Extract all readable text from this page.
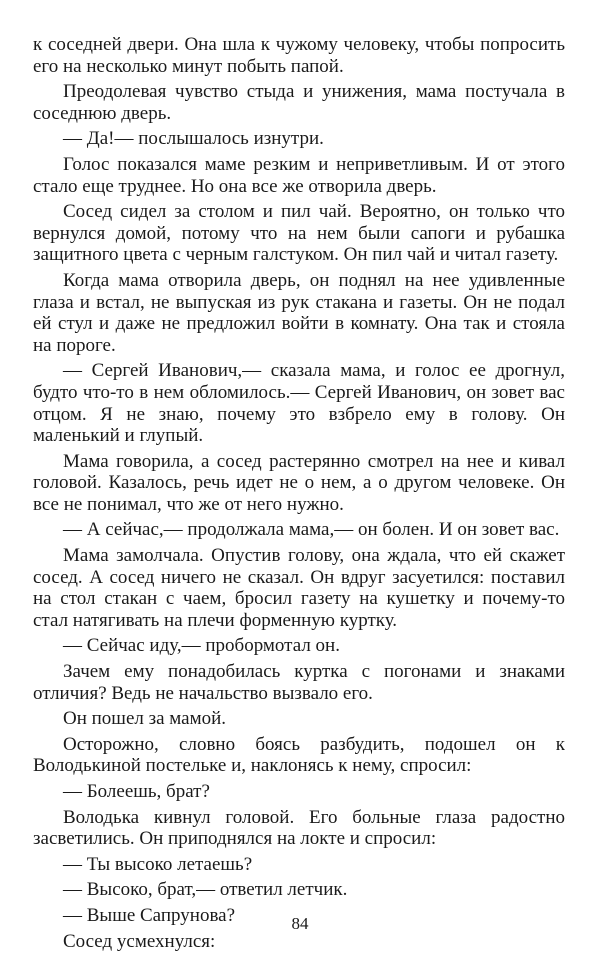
к соседней двери. Она шла к чужому человеку, чтобы попросить его на несколько минут побыть папой.

Преодолевая чувство стыда и унижения, мама постучала в соседнюю дверь.

— Да!— послышалось изнутри.

Голос показался маме резким и неприветливым. И от этого стало еще труднее. Но она все же отворила дверь.

Сосед сидел за столом и пил чай. Вероятно, он только что вернулся домой, потому что на нем были сапоги и рубашка защитного цвета с черным галстуком. Он пил чай и читал газету.

Когда мама отворила дверь, он поднял на нее удивленные глаза и встал, не выпуская из рук стакана и газеты. Он не подал ей стул и даже не предложил войти в комнату. Она так и стояла на пороге.

— Сергей Иванович,— сказала мама, и голос ее дрогнул, будто что-то в нем обломилось.— Сергей Иванович, он зовет вас отцом. Я не знаю, почему это взбрело ему в голову. Он маленький и глупый.

Мама говорила, а сосед растерянно смотрел на нее и кивал головой. Казалось, речь идет не о нем, а о другом человеке. Он все не понимал, что же от него нужно.

— А сейчас,— продолжала мама,— он болен. И он зовет вас.

Мама замолчала. Опустив голову, она ждала, что ей скажет сосед. А сосед ничего не сказал. Он вдруг засуетился: поставил на стол стакан с чаем, бросил газету на кушетку и почему-то стал натягивать на плечи форменную куртку.

— Сейчас иду,— пробормотал он.

Зачем ему понадобилась куртка с погонами и знаками отличия? Ведь не начальство вызвало его.

Он пошел за мамой.

Осторожно, словно боясь разбудить, подошел он к Володькиной постельке и, наклонясь к нему, спросил:

— Болеешь, брат?

Володька кивнул головой. Его больные глаза радостно засветились. Он приподнялся на локте и спросил:

— Ты высоко летаешь?

— Высоко, брат,— ответил летчик.

— Выше Сапрунова?

Сосед усмехнулся:

84
